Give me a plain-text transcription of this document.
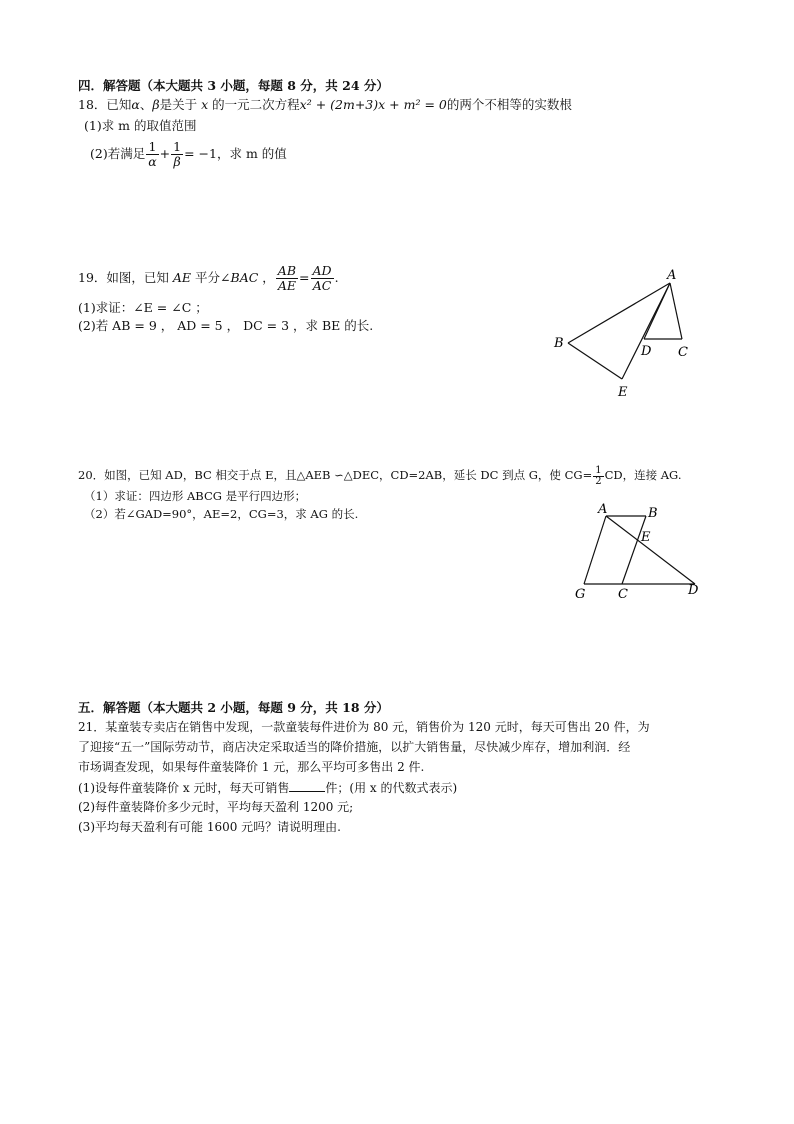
四．解答题（本大题共 3 小题，每题 8 分，共 24 分）
18．已知α、β是关于 x 的一元二次方程x² + (2m+3)x + m² = 0的两个不相等的实数根
(1)求 m 的取值范围
(2)若满足 $\frac{1}{\alpha} + \frac{1}{\beta} = -1$，求 m 的值
19．如图，已知 AE 平分∠BAC ， $\frac{AB}{AE} = \frac{AD}{AC}$ .
(1)求证：∠E = ∠C ；
(2)若 AB = 9 ， AD = 5 ， DC = 3 ，求 BE 的长.
A
B
C
D
E
20．如图，已知 AD，BC 相交于点 E，且△AEB ∽△DEC，CD=2AB，延长 DC 到点 G，使 $CG= \frac{1}{2}$ CD，连接 AG.
（1）求证：四边形 ABCG 是平行四边形；
（2）若∠GAD=90°，AE=2，CG=3，求 AG 的长.	A	B
C	D
E
G
五．解答题（本大题共 2 小题，每题 9 分，共 18 分）
21．某童装专卖店在销售中发现，一款童装每件进价为 80 元，销售价为 120 元时，每天可售出 20 件，为
了迎接“五一”国际劳动节，商店决定采取适当的降价措施，以扩大销售量，尽快减少库存，增加利润．经
市场调查发现，如果每件童装降价 1 元，那么平均可多售出 2 件.
(1)设每件童装降价 x 元时，每天可销售	件；(用 x 的代数式表示)
(2)每件童装降价多少元时，平均每天盈利 1200 元;
(3)平均每天盈利有可能 1600 元吗？请说明理由.
